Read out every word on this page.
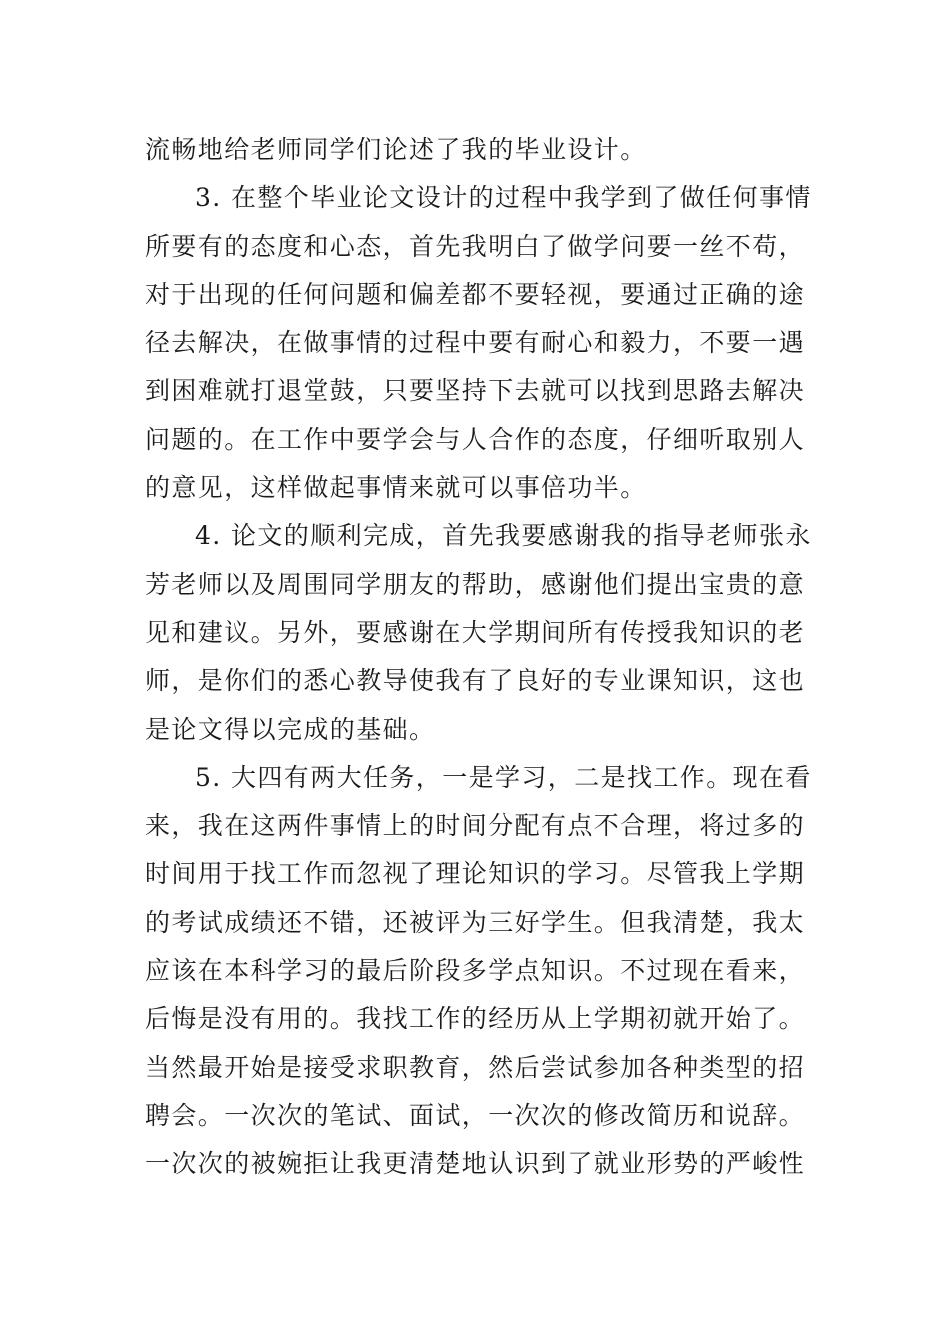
流畅地给老师同学们论述了我的毕业设计。
3. 在整个毕业论文设计的过程中我学到了做任何事情
所要有的态度和心态，首先我明白了做学问要一丝不苟，
对于出现的任何问题和偏差都不要轻视，要通过正确的途
径去解决，在做事情的过程中要有耐心和毅力，不要一遇
到困难就打退堂鼓，只要坚持下去就可以找到思路去解决
问题的。在工作中要学会与人合作的态度，仔细听取别人
的意见，这样做起事情来就可以事倍功半。
4. 论文的顺利完成，首先我要感谢我的指导老师张永
芳老师以及周围同学朋友的帮助，感谢他们提出宝贵的意
见和建议。另外，要感谢在大学期间所有传授我知识的老
师，是你们的悉心教导使我有了良好的专业课知识，这也
是论文得以完成的基础。
5. 大四有两大任务，一是学习，二是找工作。现在看
来，我在这两件事情上的时间分配有点不合理，将过多的
时间用于找工作而忽视了理论知识的学习。尽管我上学期
的考试成绩还不错，还被评为三好学生。但我清楚，我太
应该在本科学习的最后阶段多学点知识。不过现在看来，
后悔是没有用的。我找工作的经历从上学期初就开始了。
当然最开始是接受求职教育，然后尝试参加各种类型的招
聘会。一次次的笔试、面试，一次次的修改简历和说辞。
一次次的被婉拒让我更清楚地认识到了就业形势的严峻性
